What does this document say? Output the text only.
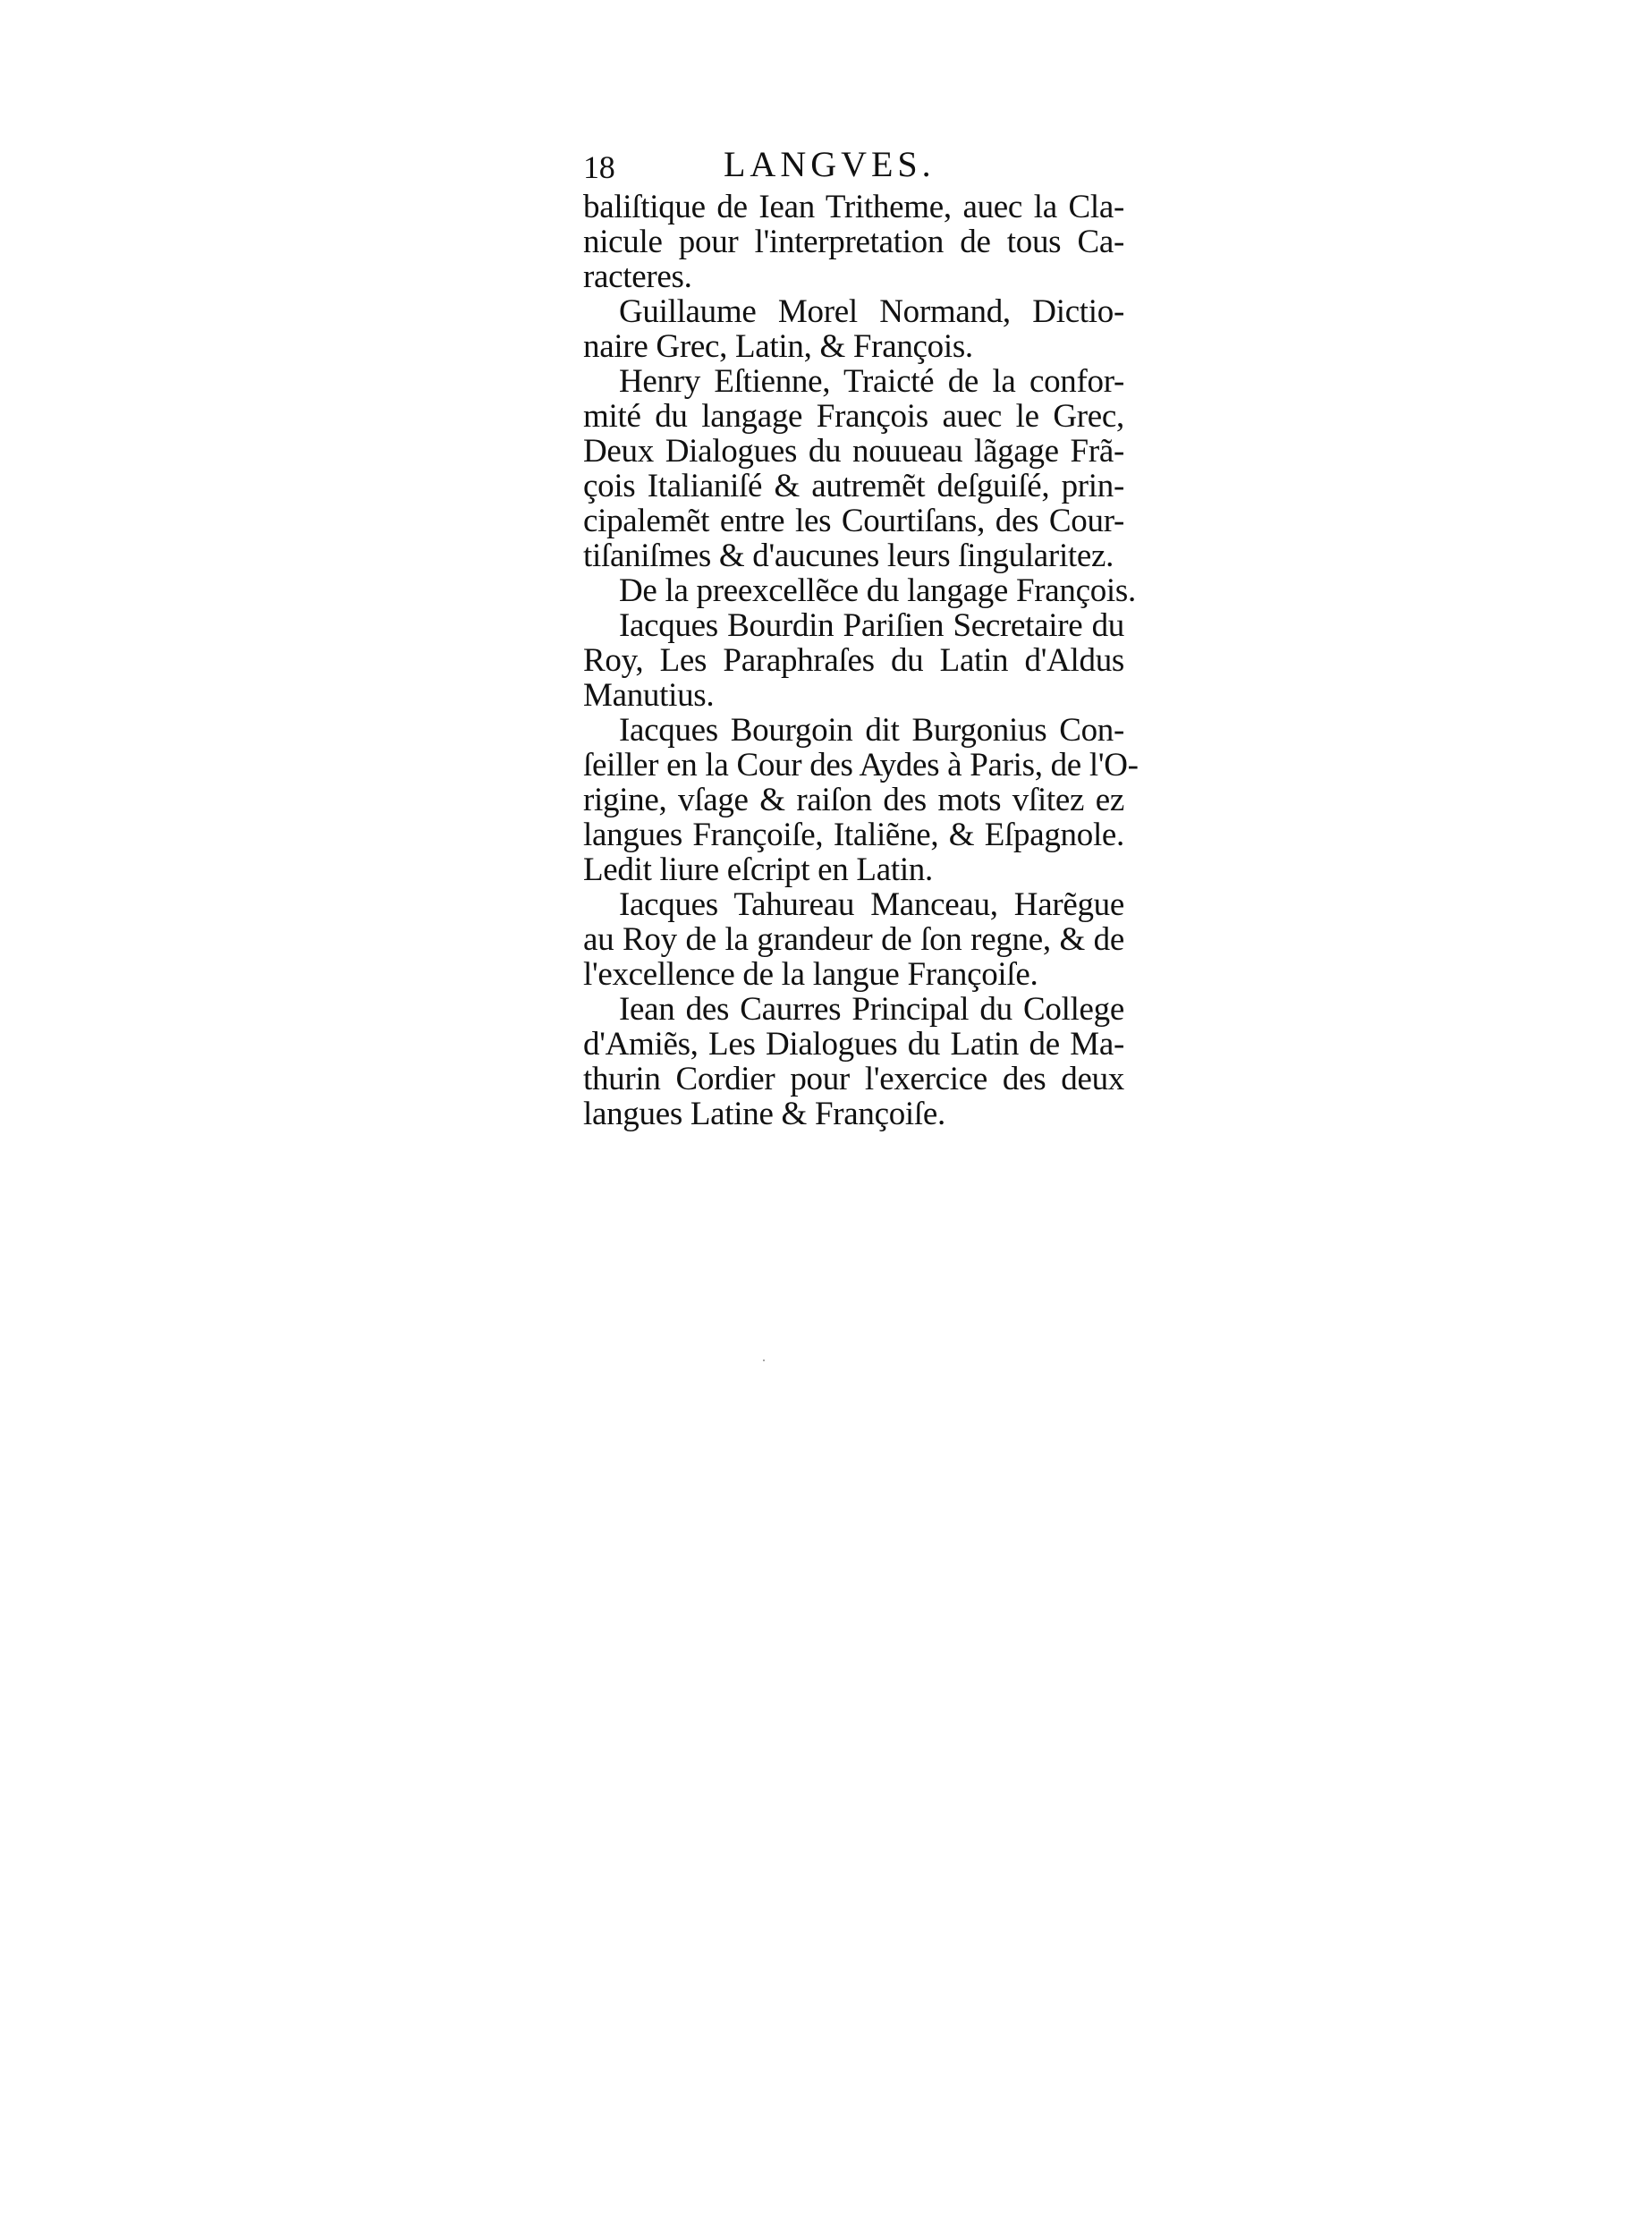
18	LANGVES.
baliſtique de Iean Tritheme, auec la Cla-
nicule pour l'interpretation de tous Ca-
racteres.
Guillaume Morel Normand, Dictio-
naire Grec, Latin, & François.
Henry Eſtienne, Traicté de la confor-
mité du langage François auec le Grec,
Deux Dialogues du nouueau lãgage Frã-
çois Italianiſé & autremẽt deſguiſé, prin-
cipalemẽt entre les Courtiſans, des Cour-
tiſaniſmes & d'aucunes leurs ſingularitez.
De la preexcellẽce du langage François.
Iacques Bourdin Pariſien Secretaire du
Roy, Les Paraphraſes du Latin d'Aldus
Manutius.
Iacques Bourgoin dit Burgonius Con-
ſeiller en la Cour des Aydes à Paris, de l'O-
rigine, vſage & raiſon des mots vſitez ez
langues Françoiſe, Italiẽne, & Eſpagnole.
Ledit liure eſcript en Latin.
Iacques Tahureau Manceau, Harẽgue
au Roy de la grandeur de ſon regne, & de
l'excellence de la langue Françoiſe.
Iean des Caurres Principal du College
d'Amiẽs, Les Dialogues du Latin de Ma-
thurin Cordier pour l'exercice des deux
langues Latine & Françoiſe.
